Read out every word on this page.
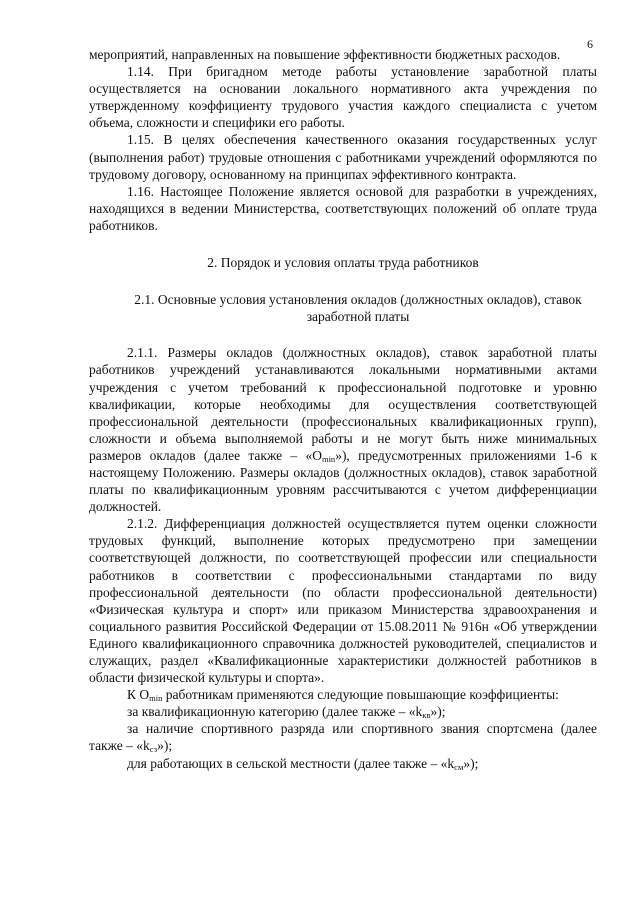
6

мероприятий, направленных на повышение эффективности бюджетных расходов.

1.14. При бригадном методе работы установление заработной платы осуществляется на основании локального нормативного акта учреждения по утвержденному коэффициенту трудового участия каждого специалиста с учетом объема, сложности и специфики его работы.

1.15. В целях обеспечения качественного оказания государственных услуг (выполнения работ) трудовые отношения с работниками учреждений оформляются по трудовому договору, основанному на принципах эффективного контракта.

1.16. Настоящее Положение является основой для разработки в учреждениях, находящихся в ведении Министерства, соответствующих положений об оплате труда работников.

2. Порядок и условия оплаты труда работников

2.1. Основные условия установления окладов (должностных окладов), ставок заработной платы

2.1.1. Размеры окладов (должностных окладов), ставок заработной платы работников учреждений устанавливаются локальными нормативными актами учреждения с учетом требований к профессиональной подготовке и уровню квалификации, которые необходимы для осуществления соответствующей профессиональной деятельности (профессиональных квалификационных групп), сложности и объема выполняемой работы и не могут быть ниже минимальных размеров окладов (далее также – «$O_{min}$»), предусмотренных приложениями 1-6 к настоящему Положению. Размеры окладов (должностных окладов), ставок заработной платы по квалификационным уровням рассчитываются с учетом дифференциации должностей.

2.1.2. Дифференциация должностей осуществляется путем оценки сложности трудовых функций, выполнение которых предусмотрено при замещении соответствующей должности, по соответствующей профессии или специальности работников в соответствии с профессиональными стандартами по виду профессиональной деятельности (по области профессиональной деятельности) «Физическая культура и спорт» или приказом Министерства здравоохранения и социального развития Российской Федерации от 15.08.2011 № 916н «Об утверждении Единого квалификационного справочника должностей руководителей, специалистов и служащих, раздел «Квалификационные характеристики должностей работников в области физической культуры и спорта».

К $O_{min}$ работникам применяются следующие повышающие коэффициенты:

за квалификационную категорию (далее также – «$k_{кв}$»);

за наличие спортивного разряда или спортивного звания спортсмена (далее также – «$k_{сз}$»);

для работающих в сельской местности (далее также – «$k_{см}$»);
